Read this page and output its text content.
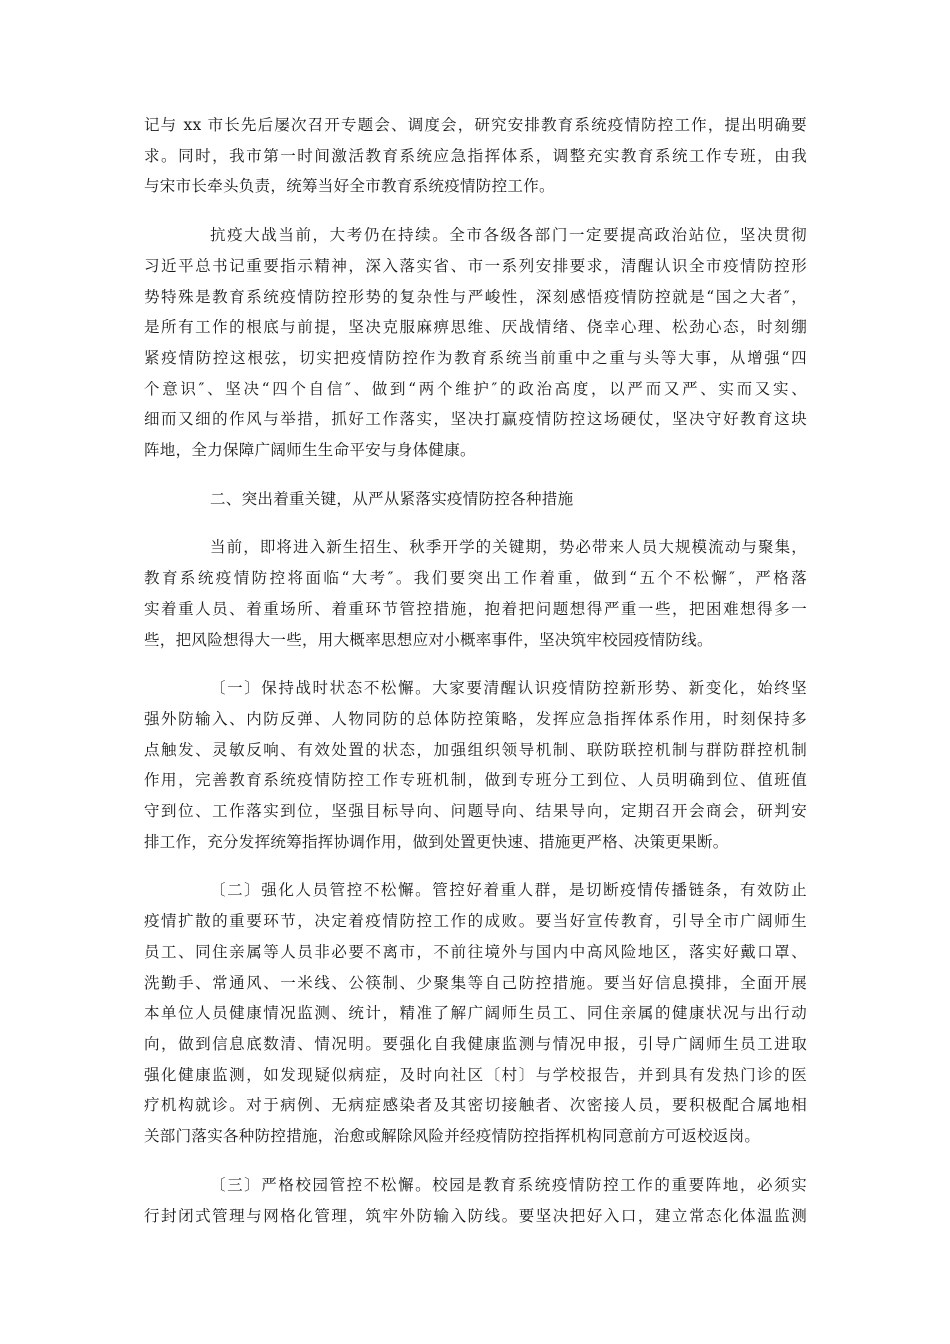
记与 xx 市长先后屡次召开专题会、调度会，研究安排教育系统疫情防控工作，提出明确要
求。同时，我市第一时间激活教育系统应急指挥体系，调整充实教育系统工作专班，由我
与宋市长牵头负责，统筹当好全市教育系统疫情防控工作。
抗疫大战当前，大考仍在持续。全市各级各部门一定要提高政治站位，坚决贯彻
习近平总书记重要指示精神，深入落实省、市一系列安排要求，清醒认识全市疫情防控形
势特殊是教育系统疫情防控形势的复杂性与严峻性，深刻感悟疫情防控就是“国之大者″，
是所有工作的根底与前提，坚决克服麻痹思维、厌战情绪、侥幸心理、松劲心态，时刻绷
紧疫情防控这根弦，切实把疫情防控作为教育系统当前重中之重与头等大事，从增强“四
个意识″、坚决“四个自信″、做到“两个维护″的政治高度，以严而又严、实而又实、
细而又细的作风与举措，抓好工作落实，坚决打赢疫情防控这场硬仗，坚决守好教育这块
阵地，全力保障广阔师生生命平安与身体健康。
二、突出着重关键，从严从紧落实疫情防控各种措施
当前，即将进入新生招生、秋季开学的关键期，势必带来人员大规模流动与聚集，
教育系统疫情防控将面临“大考″。我们要突出工作着重，做到“五个不松懈″，严格落
实着重人员、着重场所、着重环节管控措施，抱着把问题想得严重一些，把困难想得多一
些，把风险想得大一些，用大概率思想应对小概率事件，坚决筑牢校园疫情防线。
〔一〕保持战时状态不松懈。大家要清醒认识疫情防控新形势、新变化，始终坚
强外防输入、内防反弹、人物同防的总体防控策略，发挥应急指挥体系作用，时刻保持多
点触发、灵敏反响、有效处置的状态，加强组织领导机制、联防联控机制与群防群控机制
作用，完善教育系统疫情防控工作专班机制，做到专班分工到位、人员明确到位、值班值
守到位、工作落实到位，坚强目标导向、问题导向、结果导向，定期召开会商会，研判安
排工作，充分发挥统筹指挥协调作用，做到处置更快速、措施更严格、决策更果断。
〔二〕强化人员管控不松懈。管控好着重人群，是切断疫情传播链条，有效防止
疫情扩散的重要环节，决定着疫情防控工作的成败。要当好宣传教育，引导全市广阔师生
员工、同住亲属等人员非必要不离市，不前往境外与国内中高风险地区，落实好戴口罩、
洗勤手、常通风、一米线、公筷制、少聚集等自己防控措施。要当好信息摸排，全面开展
本单位人员健康情况监测、统计，精准了解广阔师生员工、同住亲属的健康状况与出行动
向，做到信息底数清、情况明。要强化自我健康监测与情况申报，引导广阔师生员工进取
强化健康监测，如发现疑似病症，及时向社区〔村〕与学校报告，并到具有发热门诊的医
疗机构就诊。对于病例、无病症感染者及其密切接触者、次密接人员，要积极配合属地相
关部门落实各种防控措施，治愈或解除风险并经疫情防控指挥机构同意前方可返校返岗。
〔三〕严格校园管控不松懈。校园是教育系统疫情防控工作的重要阵地，必须实
行封闭式管理与网格化管理，筑牢外防输入防线。要坚决把好入口，建立常态化体温监测
